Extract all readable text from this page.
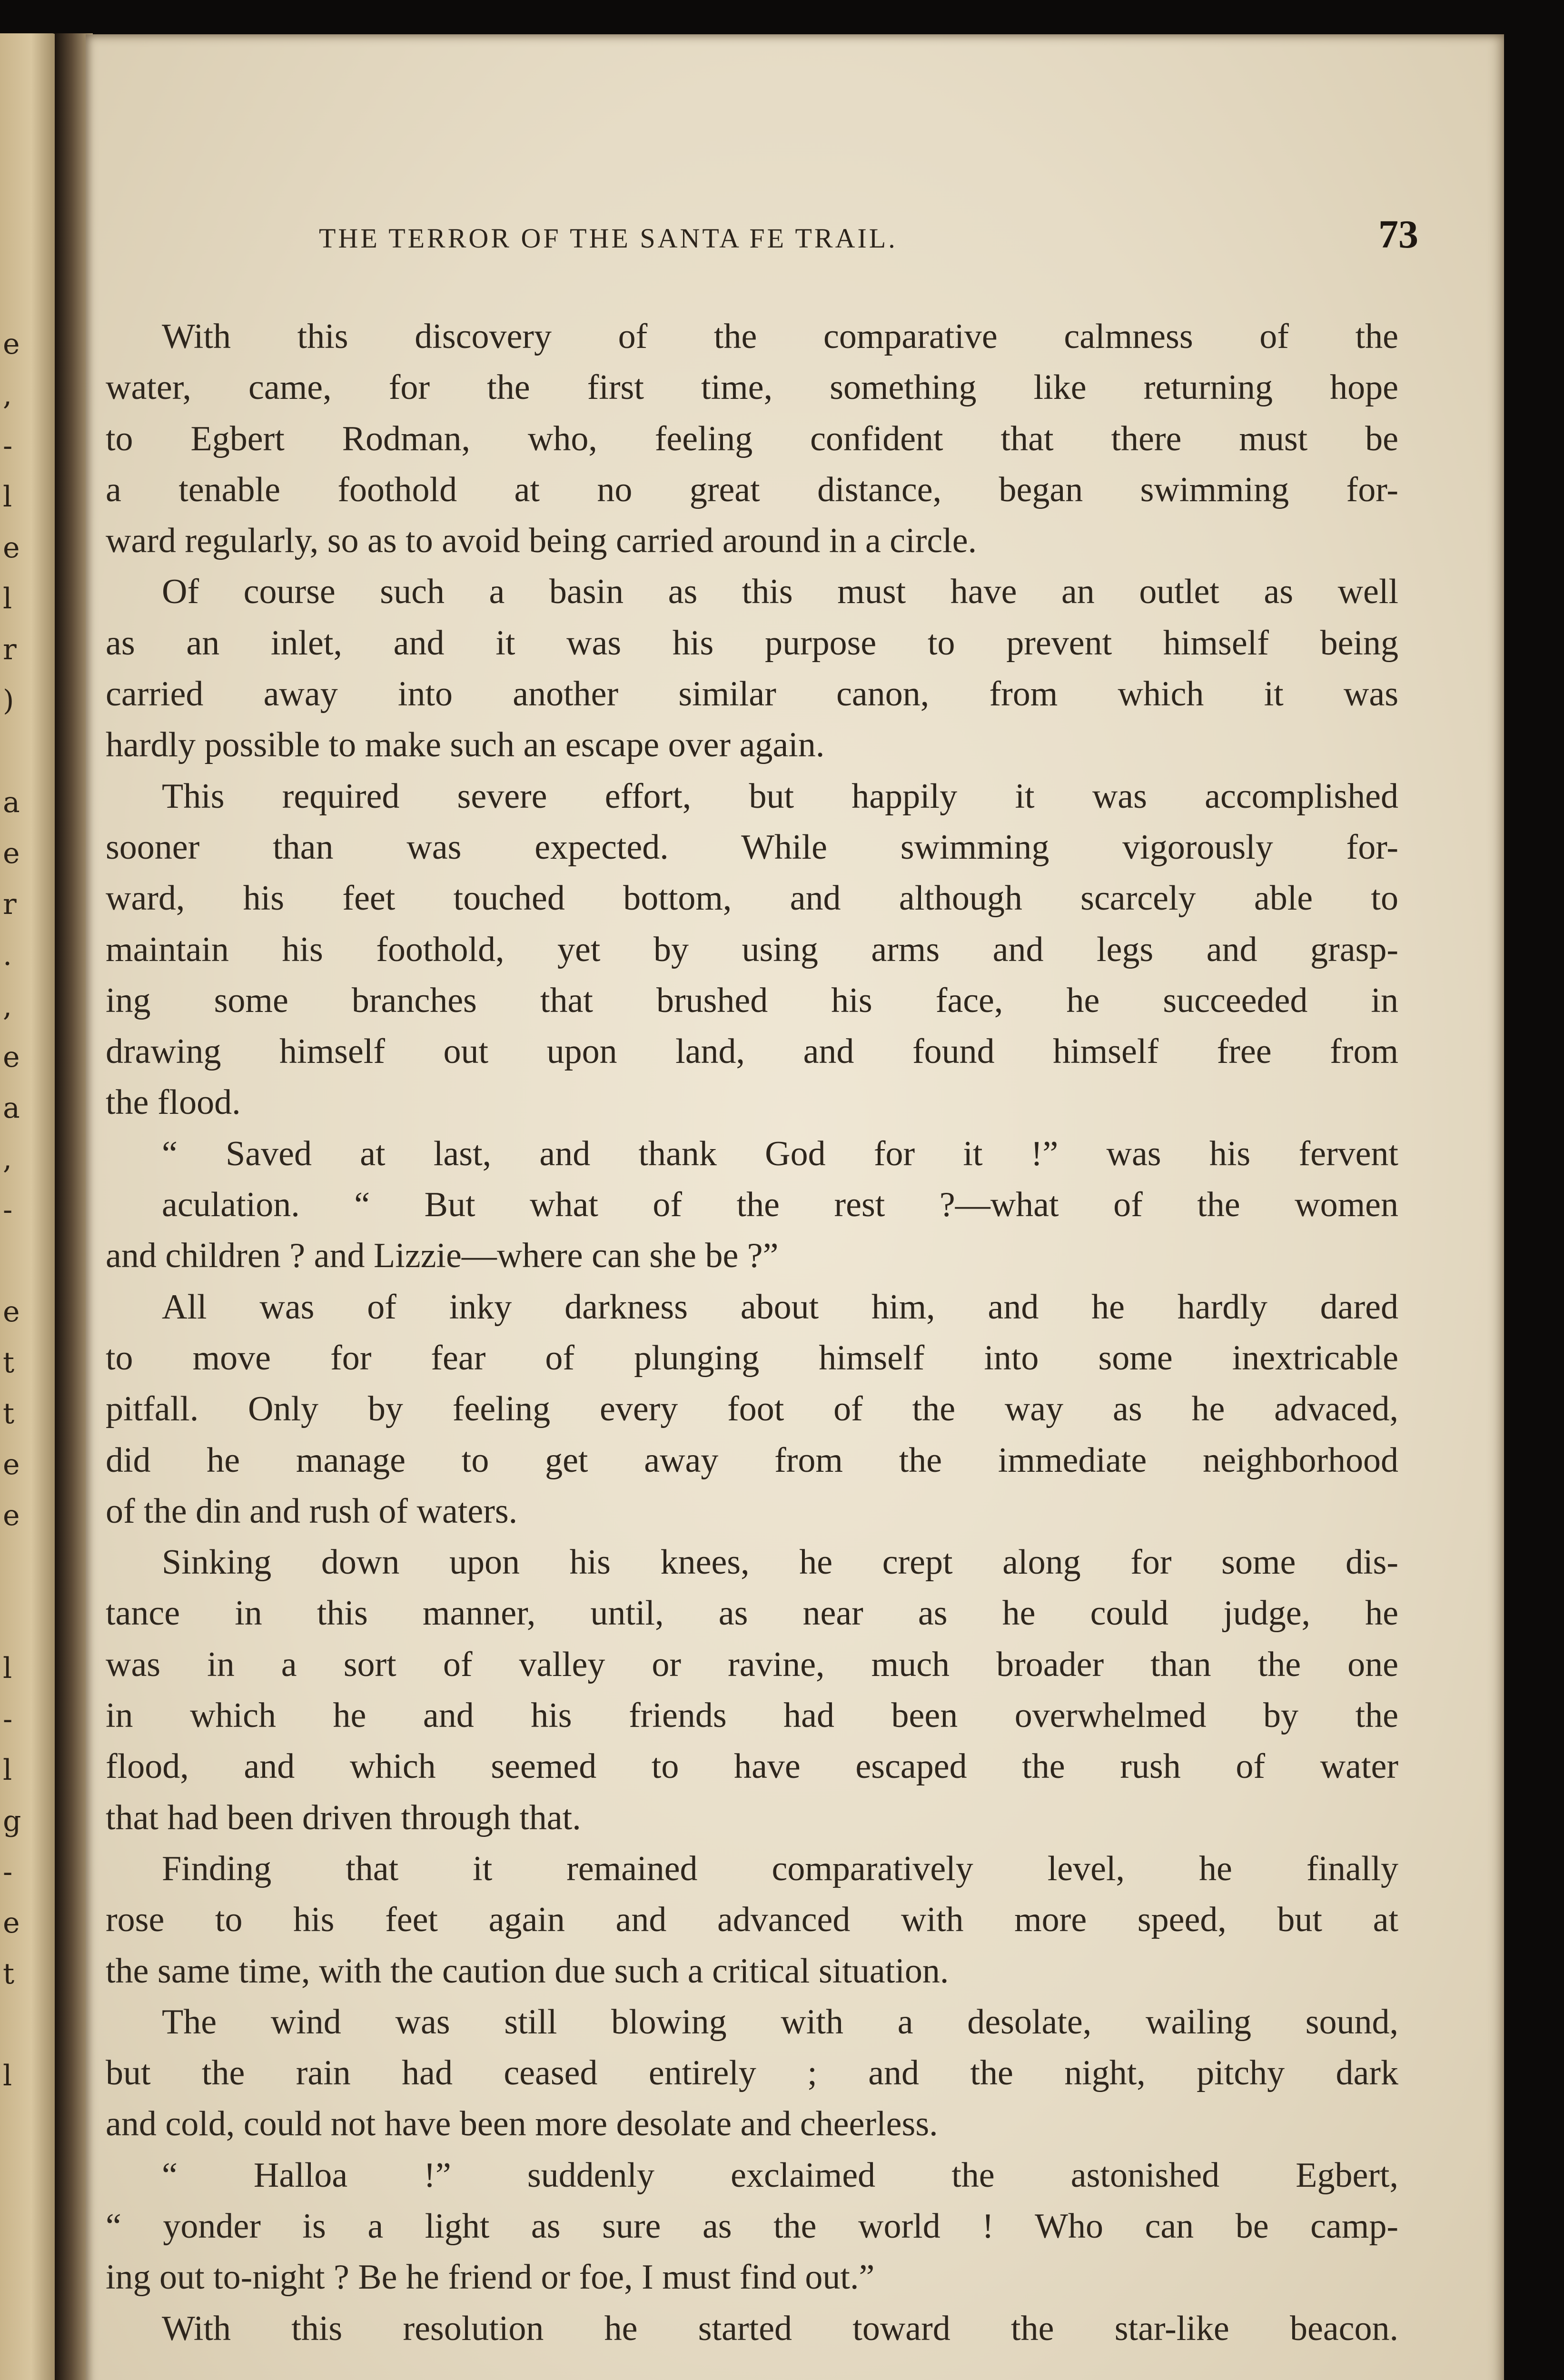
e
,
-
l
e
l
r
)
a
e
r
.
,
e
a
,
-
e
t
t
e
e
l
-
l
g
-
e
t
l
THE TERROR OF THE SANTA FE TRAIL.	73
With this discovery of the comparative calmness of the
water, came, for the first time, something like returning hope
to Egbert Rodman, who, feeling confident that there must be
a tenable foothold at no great distance, began swimming for-
ward regularly, so as to avoid being carried around in a circle.
Of course such a basin as this must have an outlet as well
as an inlet, and it was his purpose to prevent himself being
carried away into another similar canon, from which it was
hardly possible to make such an escape over again.
This required severe effort, but happily it was accomplished
sooner than was expected. While swimming vigorously for-
ward, his feet touched bottom, and although scarcely able to
maintain his foothold, yet by using arms and legs and grasp-
ing some branches that brushed his face, he succeeded in
drawing himself out upon land, and found himself free from
the flood.
“ Saved at last, and thank God for it !” was his fervent
aculation. “ But what of the rest ?—what of the women
and children ? and Lizzie—where can she be ?”
All was of inky darkness about him, and he hardly dared
to move for fear of plunging himself into some inextricable
pitfall. Only by feeling every foot of the way as he advaced,
did he manage to get away from the immediate neighborhood
of the din and rush of waters.
Sinking down upon his knees, he crept along for some dis-
tance in this manner, until, as near as he could judge, he
was in a sort of valley or ravine, much broader than the one
in which he and his friends had been overwhelmed by the
flood, and which seemed to have escaped the rush of water
that had been driven through that.
Finding that it remained comparatively level, he finally
rose to his feet again and advanced with more speed, but at
the same time, with the caution due such a critical situation.
The wind was still blowing with a desolate, wailing sound,
but the rain had ceased entirely ; and the night, pitchy dark
and cold, could not have been more desolate and cheerless.
“ Halloa !” suddenly exclaimed the astonished Egbert,
“ yonder is a light as sure as the world ! Who can be camp-
ing out to-night ? Be he friend or foe, I must find out.”
With this resolution he started toward the star-like beacon.
